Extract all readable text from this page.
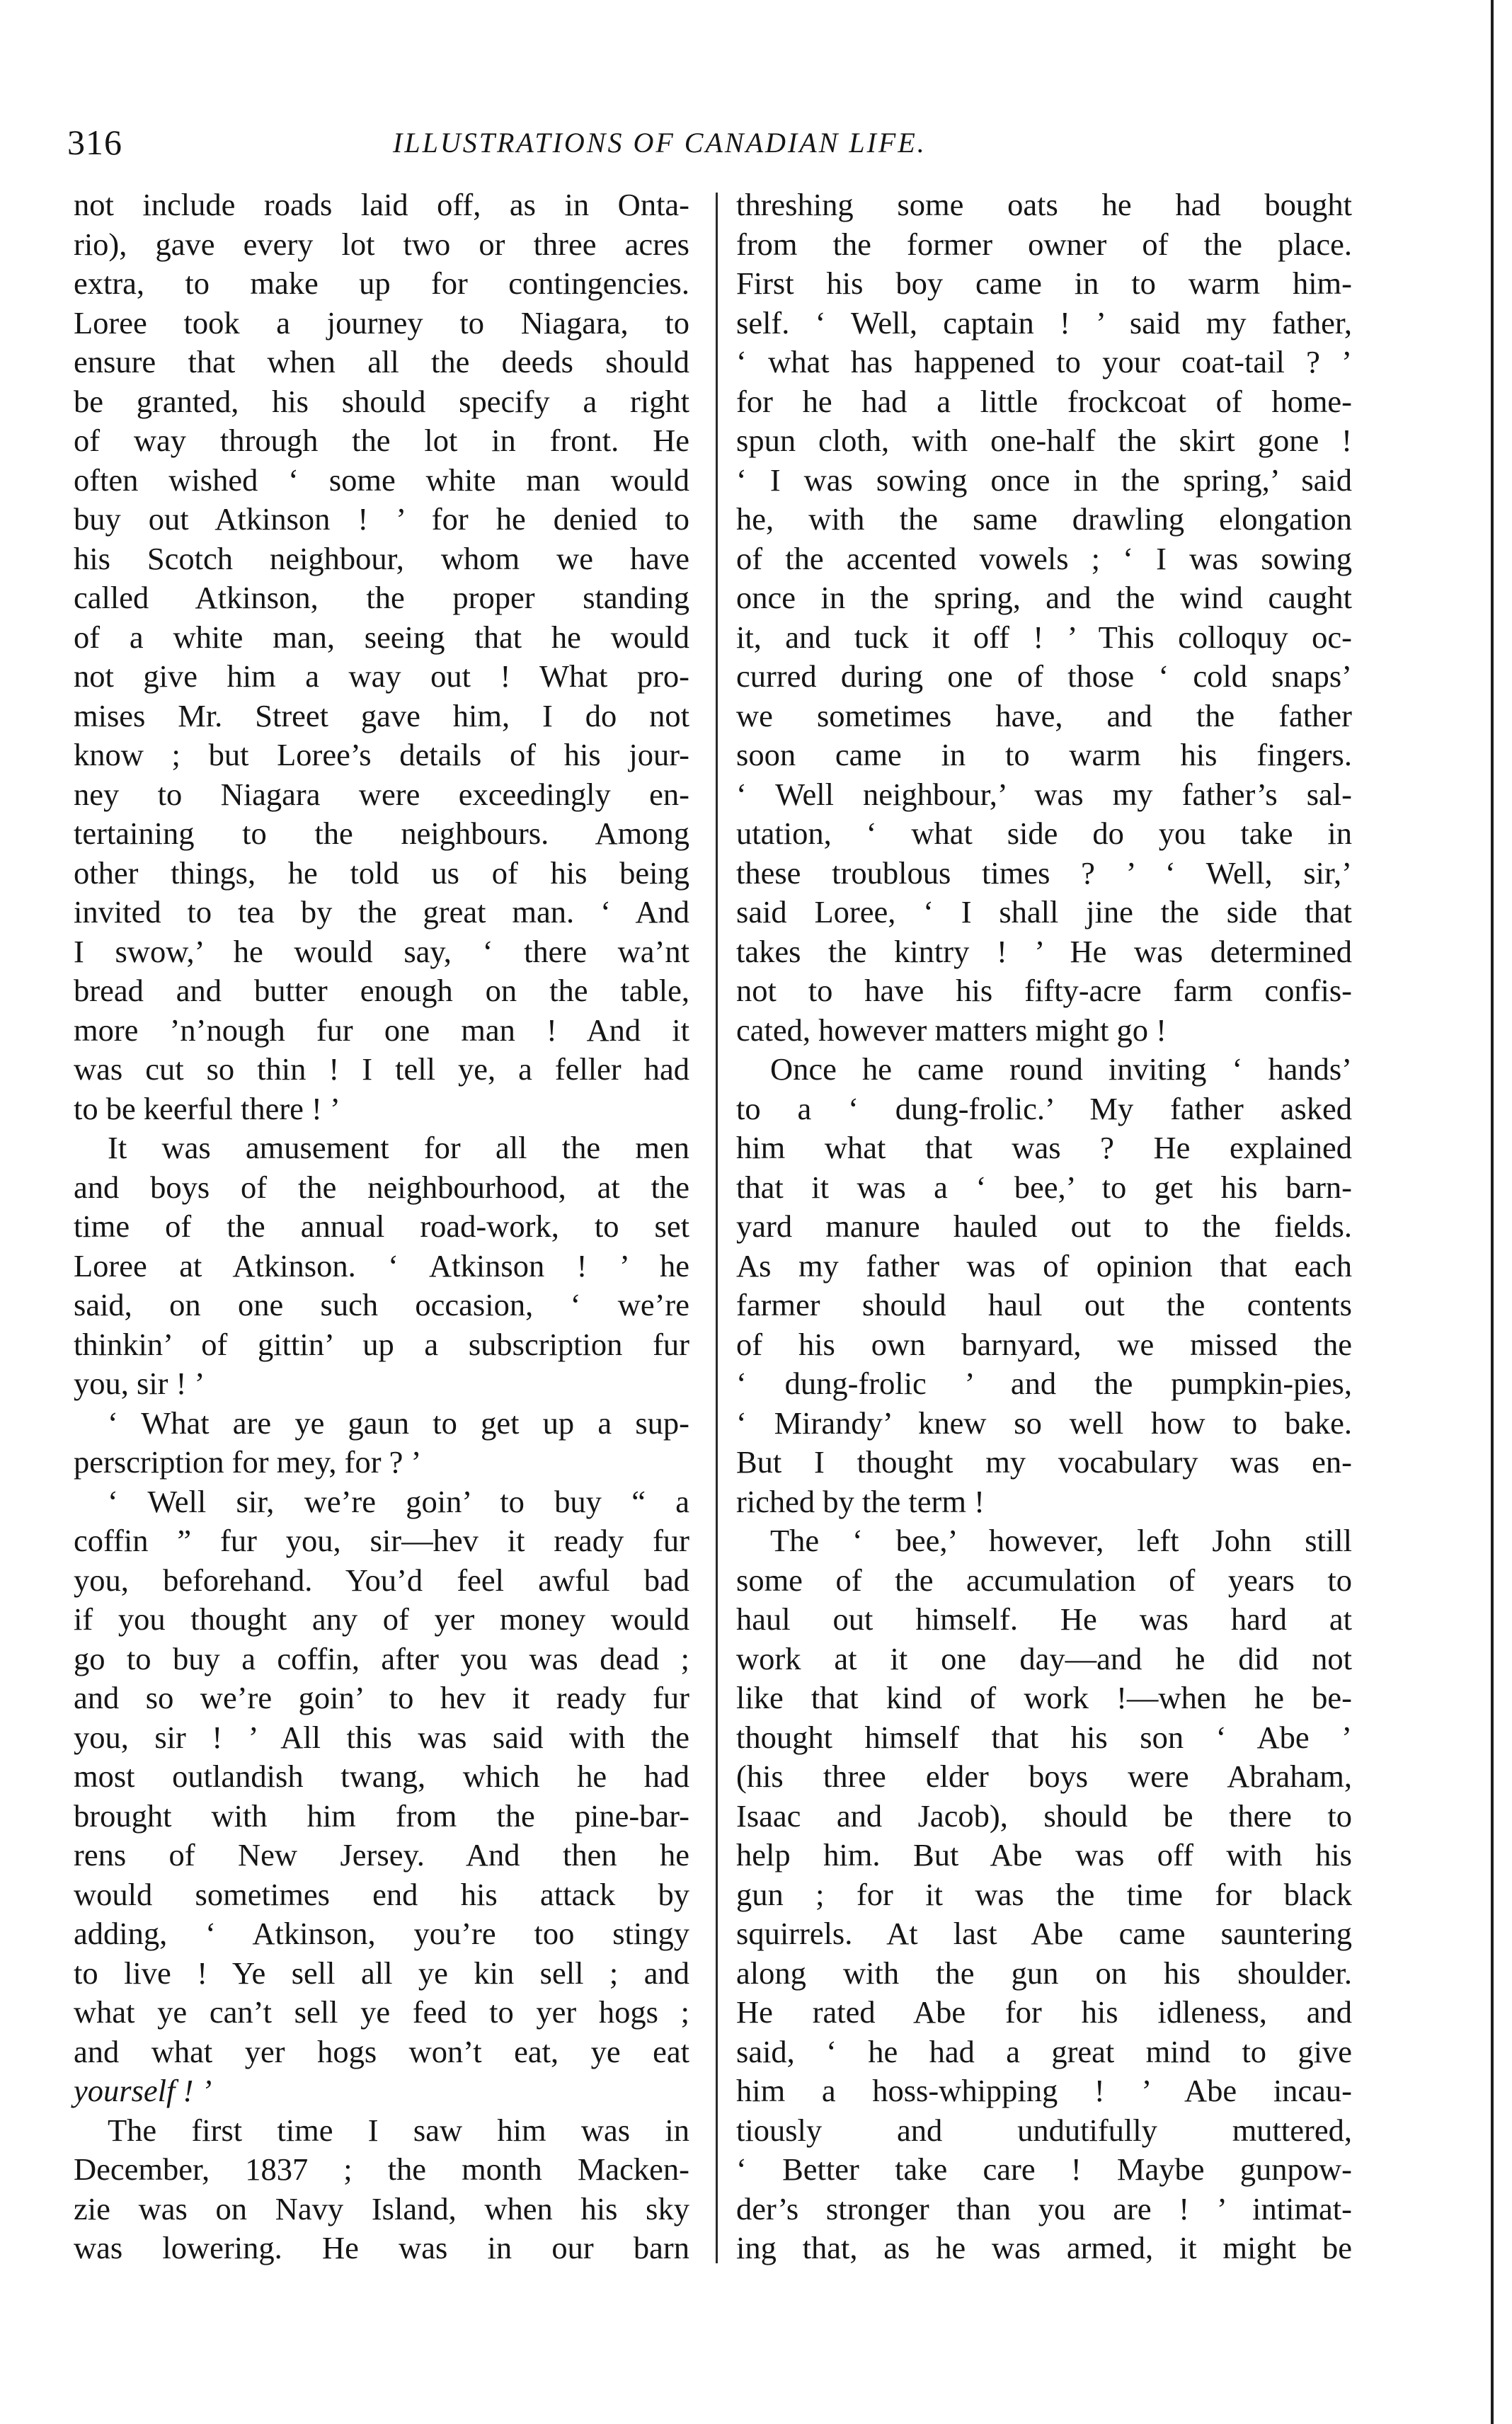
316	ILLUSTRATIONS OF CANADIAN LIFE.
not include roads laid off, as in Onta-
rio), gave every lot two or three acres
extra, to make up for contingencies.
Loree took a journey to Niagara, to
ensure that when all the deeds should
be granted, his should specify a right
of way through the lot in front. He
often wished ‘ some white man would
buy out Atkinson ! ’ for he denied to
his Scotch neighbour, whom we have
called Atkinson, the proper standing
of a white man, seeing that he would
not give him a way out ! What pro-
mises Mr. Street gave him, I do not
know ; but Loree’s details of his jour-
ney to Niagara were exceedingly en-
tertaining to the neighbours. Among
other things, he told us of his being
invited to tea by the great man. ‘ And
I swow,’ he would say, ‘ there wa’nt
bread and butter enough on the table,
more ’n’nough fur one man ! And it
was cut so thin ! I tell ye, a feller had
to be keerful there ! ’
It was amusement for all the men
and boys of the neighbourhood, at the
time of the annual road-work, to set
Loree at Atkinson. ‘ Atkinson ! ’ he
said, on one such occasion, ‘ we’re
thinkin’ of gittin’ up a subscription fur
you, sir ! ’
‘ What are ye gaun to get up a sup-
perscription for mey, for ? ’
‘ Well sir, we’re goin’ to buy “ a
coffin ” fur you, sir—hev it ready fur
you, beforehand. You’d feel awful bad
if you thought any of yer money would
go to buy a coffin, after you was dead ;
and so we’re goin’ to hev it ready fur
you, sir ! ’ All this was said with the
most outlandish twang, which he had
brought with him from the pine-bar-
rens of New Jersey. And then he
would sometimes end his attack by
adding, ‘ Atkinson, you’re too stingy
to live ! Ye sell all ye kin sell ; and
what ye can’t sell ye feed to yer hogs ;
and what yer hogs won’t eat, ye eat
yourself ! ’
The first time I saw him was in
December, 1837 ; the month Macken-
zie was on Navy Island, when his sky
was lowering. He was in our barn
threshing some oats he had bought
from the former owner of the place.
First his boy came in to warm him-
self. ‘ Well, captain ! ’ said my father,
‘ what has happened to your coat-tail ? ’
for he had a little frockcoat of home-
spun cloth, with one-half the skirt gone !
‘ I was sowing once in the spring,’ said
he, with the same drawling elongation
of the accented vowels ; ‘ I was sowing
once in the spring, and the wind caught
it, and tuck it off ! ’ This colloquy oc-
curred during one of those ‘ cold snaps’
we sometimes have, and the father
soon came in to warm his fingers.
‘ Well neighbour,’ was my father’s sal-
utation, ‘ what side do you take in
these troublous times ? ’ ‘ Well, sir,’
said Loree, ‘ I shall jine the side that
takes the kintry ! ’ He was determined
not to have his fifty-acre farm confis-
cated, however matters might go !
Once he came round inviting ‘ hands’
to a ‘ dung-frolic.’ My father asked
him what that was ? He explained
that it was a ‘ bee,’ to get his barn-
yard manure hauled out to the fields.
As my father was of opinion that each
farmer should haul out the contents
of his own barnyard, we missed the
‘ dung-frolic ’ and the pumpkin-pies,
‘ Mirandy’ knew so well how to bake.
But I thought my vocabulary was en-
riched by the term !
The ‘ bee,’ however, left John still
some of the accumulation of years to
haul out himself. He was hard at
work at it one day—and he did not
like that kind of work !—when he be-
thought himself that his son ‘ Abe ’
(his three elder boys were Abraham,
Isaac and Jacob), should be there to
help him. But Abe was off with his
gun ; for it was the time for black
squirrels. At last Abe came sauntering
along with the gun on his shoulder.
He rated Abe for his idleness, and
said, ‘ he had a great mind to give
him a hoss-whipping ! ’ Abe incau-
tiously and undutifully muttered,
‘ Better take care ! Maybe gunpow-
der’s stronger than you are ! ’ intimat-
ing that, as he was armed, it might be
